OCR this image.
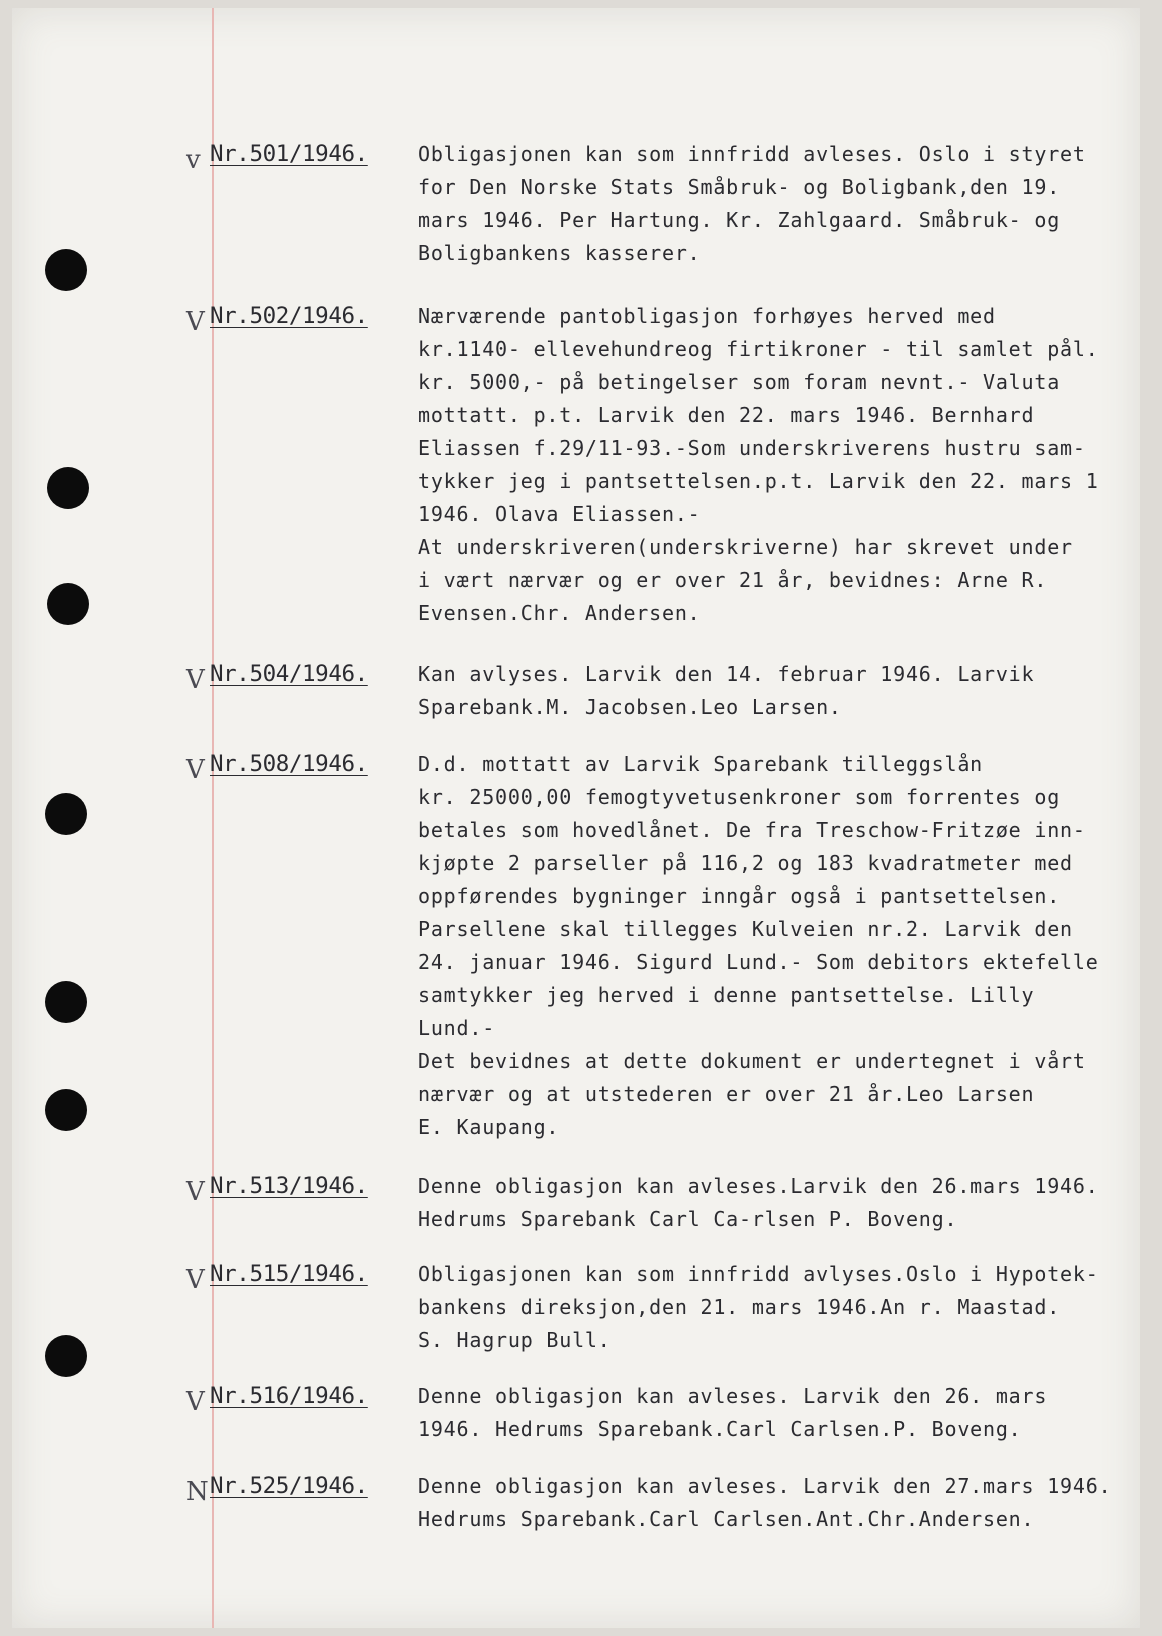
v Nr.501/1946.	Obligasjonen kan som innfridd avleses. Oslo i styret
for Den Norske Stats Småbruk- og Boligbank,den 19.
mars 1946. Per Hartung. Kr. Zahlgaard. Småbruk- og
Boligbankens kasserer.
V Nr.502/1946.	Nærværende pantobligasjon forhøyes herved med
kr.1140- ellevehundreog firtikroner - til samlet pål.
kr. 5000,- på betingelser som foram nevnt.- Valuta
mottatt. p.t. Larvik den 22. mars 1946. Bernhard
Eliassen f.29/11-93.-Som underskriverens hustru sam-
tykker jeg i pantsettelsen.p.t. Larvik den 22. mars 1
1946. Olava Eliassen.-
At underskriveren(underskriverne) har skrevet under
i vært nærvær og er over 21 år, bevidnes: Arne R.
Evensen.Chr. Andersen.
V Nr.504/1946.	Kan avlyses. Larvik den 14. februar 1946. Larvik
Sparebank.M. Jacobsen.Leo Larsen.
V Nr.508/1946.	D.d. mottatt av Larvik Sparebank tilleggslån
kr. 25000,00 femogtyvetusenkroner som forrentes og
betales som hovedlånet. De fra Treschow-Fritzøe inn-
kjøpte 2 parseller på 116,2 og 183 kvadratmeter med
oppførendes bygninger inngår også i pantsettelsen.
Parsellene skal tillegges Kulveien nr.2. Larvik den
24. januar 1946. Sigurd Lund.- Som debitors ektefelle
samtykker jeg herved i denne pantsettelse. Lilly
Lund.-
Det bevidnes at dette dokument er undertegnet i vårt
nærvær og at utstederen er over 21 år.Leo Larsen
E. Kaupang.
V Nr.513/1946.	Denne obligasjon kan avleses.Larvik den 26.mars 1946.
Hedrums Sparebank Carl Ca-rlsen P. Boveng.
V Nr.515/1946.	Obligasjonen kan som innfridd avlyses.Oslo i Hypotek-
bankens direksjon,den 21. mars 1946.An r. Maastad.
S. Hagrup Bull.
V Nr.516/1946.	Denne obligasjon kan avleses. Larvik den 26. mars
1946. Hedrums Sparebank.Carl Carlsen.P. Boveng.
N Nr.525/1946.	Denne obligasjon kan avleses. Larvik den 27.mars 1946.
Hedrums Sparebank.Carl Carlsen.Ant.Chr.Andersen.
